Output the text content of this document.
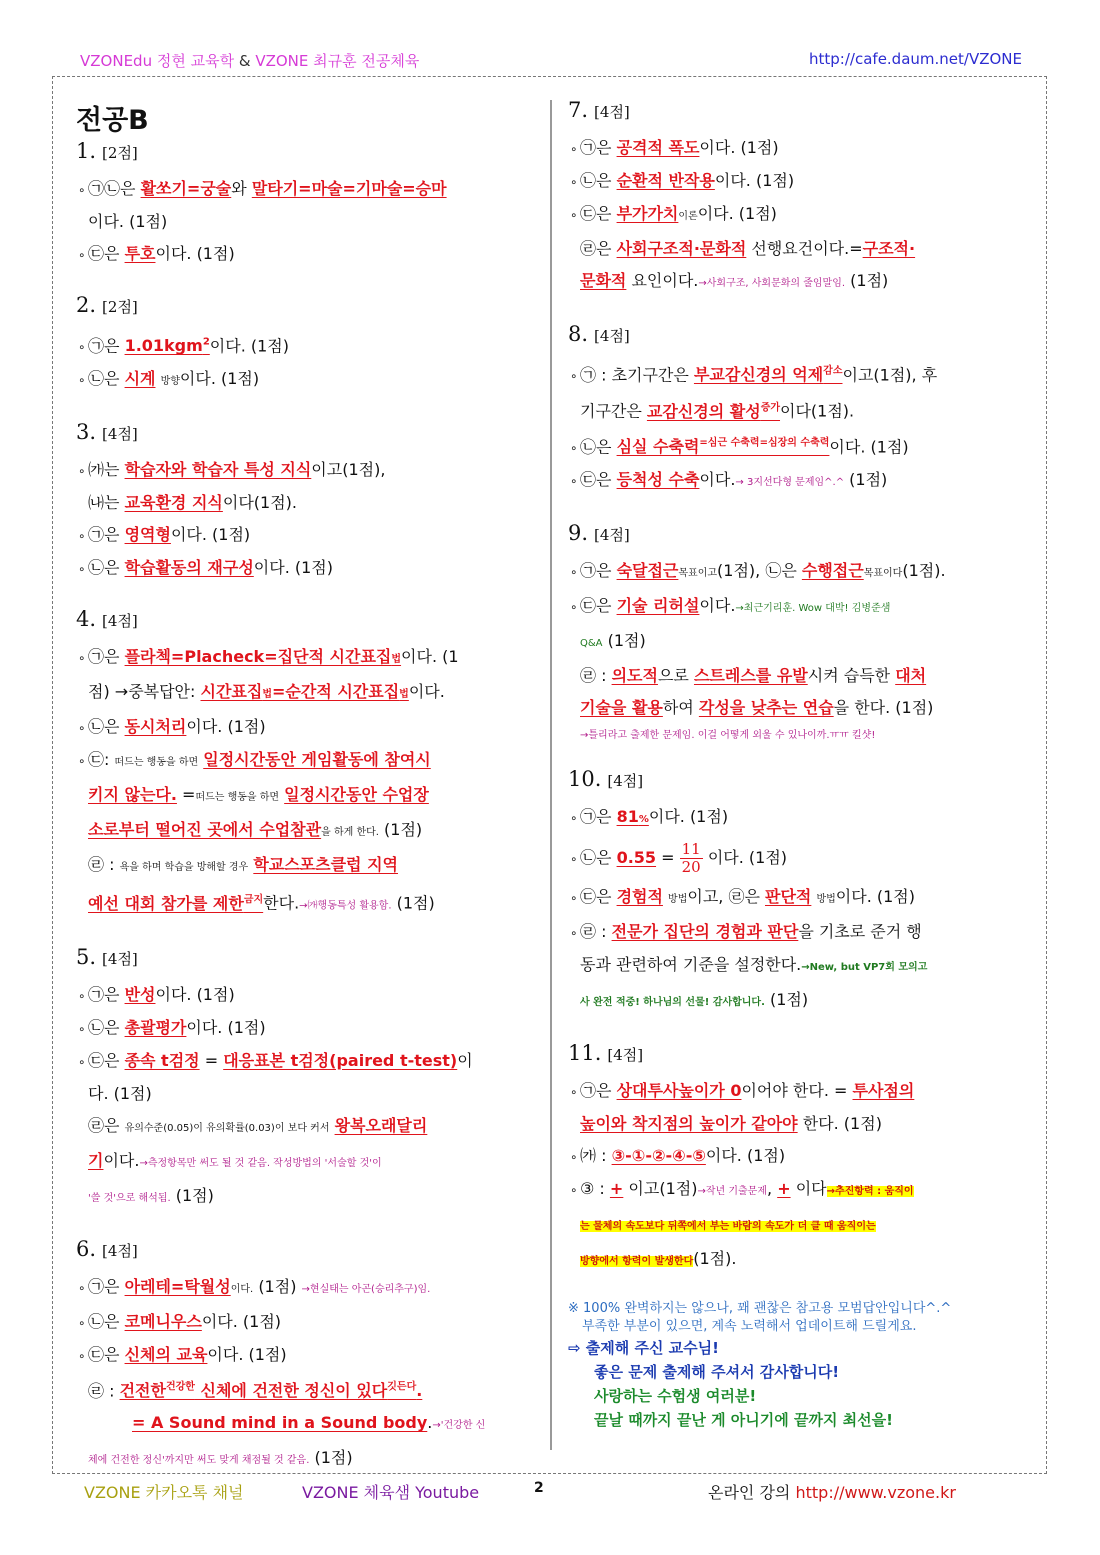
VZONEdu 정현 교육학 & VZONE 최규훈 전공체육	http://cafe.daum.net/VZONE
전공B
1. [2점]
∘ ㉠㉡은 활쏘기=궁술와 말타기=마술=기마술=승마
이다. (1점)
∘ ㉢은 투호이다. (1점)
2. [2점]
∘ ㉠은 1.01kgm$^2$이다. (1점)
∘ ㉡은 시계 방향이다. (1점)
3. [4점]
∘ ㈎는 학습자와 학습자 특성 지식이고(1점),
㈏는 교육환경 지식이다(1점).
∘ ㉠은 영역형이다. (1점)
∘ ㉡은 학습활동의 재구성이다. (1점)
4. [4점]
∘ ㉠은 플라첵=Placheck=집단적 시간표집법이다. (1
점) →중복답안: 시간표집법=순간적 시간표집법이다.
∘ ㉡은 동시처리이다. (1점)
∘ ㉢: 떠드는 행동을 하면 일정시간동안 게임활동에 참여시
키지 않는다. =떠드는 행동을 하면 일정시간동안 수업장
소로부터 떨어진 곳에서 수업참관을 하게 한다. (1점)
㉣ : 욕을 하며 학습을 방해할 경우 학교스포츠클럽 지역
예선 대회 참가를 제한$^{금지}$한다.→㈎행동특성 활용함. (1점)
5. [4점]
∘ ㉠은 반성이다. (1점)
∘ ㉡은 총괄평가이다. (1점)
∘ ㉢은 종속 t검정 = 대응표본 t검정(paired t-test)이
다. (1점)
㉣은 유의수준(0.05)이 유의확률(0.03)이 보다 커서 왕복오래달리
기이다.→측정항목만 써도 될 것 같음. 작성방법의 '서술할 것'이
'쓸 것'으로 해석됨. (1점)
6. [4점]
∘ ㉠은 아레테=탁월성이다. (1점) →현실태는 아곤(승리추구)임.
∘ ㉡은 코메니우스이다. (1점)
∘ ㉢은 신체의 교육이다. (1점)
㉣ : 건전한$^{건강한}$ 신체에 건전한 정신이 있다$^{깃든다}$.
= A Sound mind in a Sound body.→'건강한 신
체에 건전한 정신'까지만 써도 맞게 채점될 것 같음. (1점)
7. [4점]
∘ ㉠은 공격적 폭도이다. (1점)
∘ ㉡은 순환적 반작용이다. (1점)
∘ ㉢은 부가가치이론이다. (1점)
㉣은 사회구조적·문화적 선행요건이다.=구조적·
문화적 요인이다.→사회구조, 사회문화의 줄임말임. (1점)
8. [4점]
∘ ㉠ : 초기구간은 부교감신경의 억제$^{감소}$이고(1점), 후
기구간은 교감신경의 활성$^{증가}$이다(1점).
∘ ㉡은 심실 수축력$^{=심근 수축력=심장의 수축력}$이다. (1점)
∘ ㉢은 등척성 수축이다.→ 3지선다형 문제임^.^ (1점)
9. [4점]
∘ ㉠은 숙달접근목표이고(1점), ㉡은 수행접근목표이다(1점).
∘ ㉢은 기술 리허설이다.→최근기리훈. Wow 대박! 김병준샘
Q&A (1점)
㉣ : 의도적으로 스트레스를 유발시켜 습득한 대처
기술을 활용하여 각성을 낮추는 연습을 한다. (1점)
→틀리라고 출제한 문제임. 이걸 어떻게 외울 수 있나이까.ㅠㅠ 킬샷!
10. [4점]
∘ ㉠은 81%이다. (1점)
∘ ㉡은 $0.55 = \frac{11}{20}$ 이다. (1점)
∘ ㉢은 경험적 방법이고, ㉣은 판단적 방법이다. (1점)
∘ ㉣ : 전문가 집단의 경험과 판단을 기초로 준거 행
동과 관련하여 기준을 설정한다.→New, but VP7회 모의고
사 완전 적중! 하나님의 선물! 감사합니다. (1점)
11. [4점]
∘ ㉠은 상대투사높이가 0이어야 한다. = 투사점의
높이와 착지점의 높이가 같아야 한다. (1점)
∘ ㈎ : ③-①-②-④-⑤이다. (1점)
∘ ③ : + 이고(1점)→작년 기출문제, + 이다→추진항력 : 움직이
는 물체의 속도보다 뒤쪽에서 부는 바람의 속도가 더 클 때 움직이는
방향에서 항력이 발생한다(1점).
※ 100% 완벽하지는 않으나, 꽤 괜찮은 참고용 모범답안입니다^.^
부족한 부분이 있으면, 계속 노력해서 업데이트해 드릴게요.
⇨ 출제해 주신 교수님!
좋은 문제 출제해 주셔서 감사합니다!
사랑하는 수험생 여러분!
끝날 때까지 끝난 게 아니기에 끝까지 최선을!
VZONE 카카오톡 채널	VZONE 체육샘 Youtube	2	온라인 강의 http://www.vzone.kr
